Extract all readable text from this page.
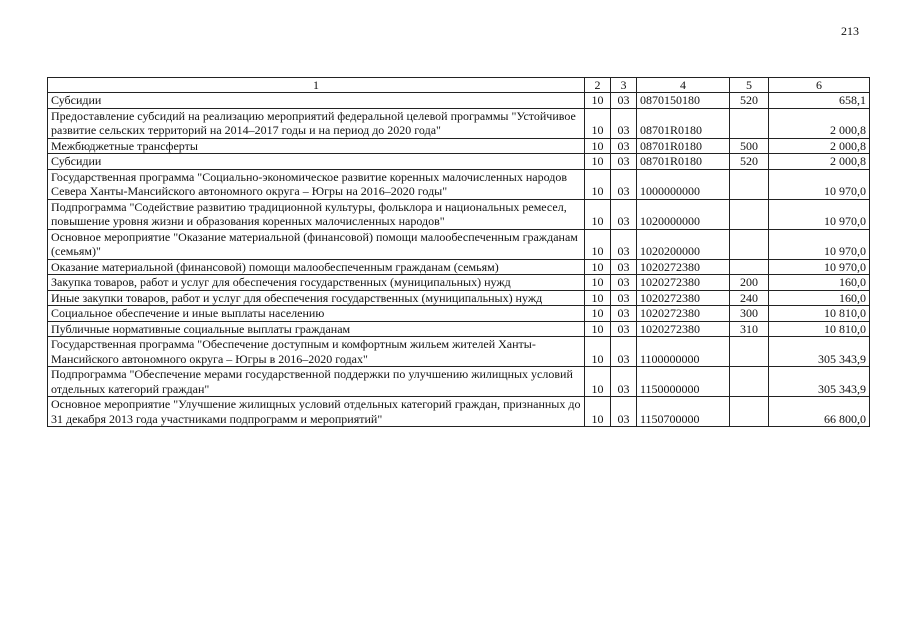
213
1	2	3	4	5	6
Субсидии	10	03	0870150180	520	658,1
Предоставление субсидий на реализацию мероприятий федеральной целевой программы "Устойчивое развитие сельских территорий на 2014–2017 годы и на период до 2020 года"	10	03	08701R0180		2 000,8
Межбюджетные трансферты	10	03	08701R0180	500	2 000,8
Субсидии	10	03	08701R0180	520	2 000,8
Государственная программа "Социально-экономическое развитие коренных малочисленных народов Севера Ханты-Мансийского автономного округа – Югры на 2016–2020 годы"	10	03	1000000000		10 970,0
Подпрограмма "Содействие развитию традиционной культуры, фольклора и национальных ремесел, повышение уровня жизни и образования коренных малочисленных народов"	10	03	1020000000		10 970,0
Основное мероприятие "Оказание материальной (финансовой) помощи малообеспеченным гражданам (семьям)"	10	03	1020200000		10 970,0
Оказание материальной (финансовой) помощи малообеспеченным гражданам (семьям)	10	03	1020272380		10 970,0
Закупка товаров, работ и услуг для обеспечения государственных (муниципальных) нужд	10	03	1020272380	200	160,0
Иные закупки товаров, работ и услуг для обеспечения государственных (муниципальных) нужд	10	03	1020272380	240	160,0
Социальное обеспечение и иные выплаты населению	10	03	1020272380	300	10 810,0
Публичные нормативные социальные выплаты гражданам	10	03	1020272380	310	10 810,0
Государственная программа "Обеспечение доступным и комфортным жильем жителей Ханты-Мансийского автономного округа – Югры в 2016–2020 годах"	10	03	1100000000		305 343,9
Подпрограмма "Обеспечение мерами государственной поддержки по улучшению жилищных условий отдельных категорий граждан"	10	03	1150000000		305 343,9
Основное мероприятие "Улучшение жилищных условий отдельных категорий граждан, признанных до 31 декабря 2013 года участниками подпрограмм и мероприятий"	10	03	1150700000		66 800,0
